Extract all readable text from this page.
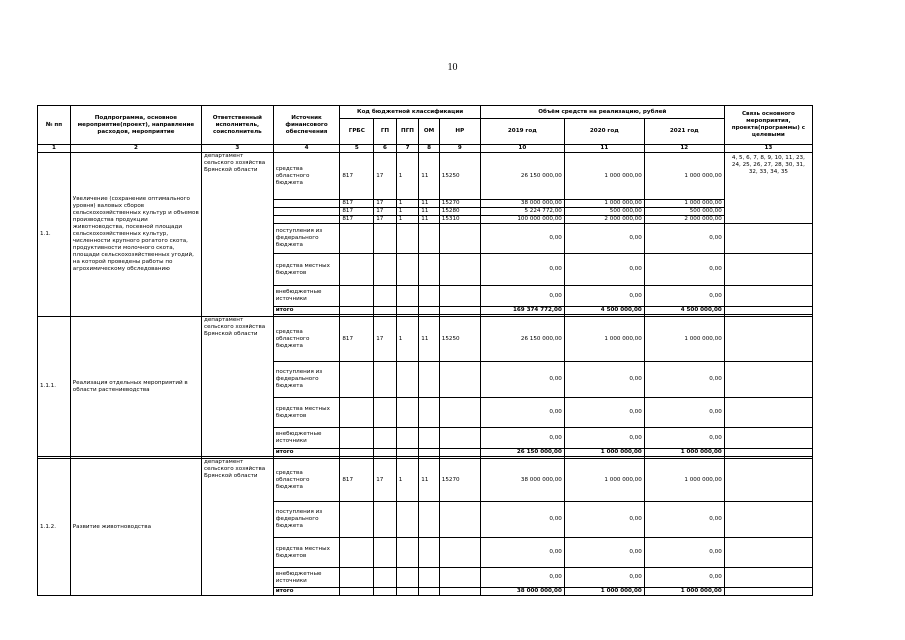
10
№ пп	Подпрограмма, основное мероприятие(проект), направление расходов, мероприятие	Ответственный исполнитель, соисполнитель	Источник финансового обеспечения	Код бюджетной классификации					Объём средств на реализацию, рублей			Связь основного мероприятия, проекта(программы) с целевыми
				ГРБС	ГП	ПГП	ОМ	НР	2019 год	2020 год	2021 год	
1	2	3	4	5	6	7	8	9	10	11	12	13
1.1.	Увеличение (сохранение оптимального уровня) валовых сборов сельскохозяйственных культур и объемов производства продукции животноводства, посевной площади сельскохозяйственных культур, численности крупного рогатого скота, продуктивности молочного скота, площади сельскохозяйственных угодий, на которой проведены работы по агрохимическому обследованию	департамент сельского хозяйства Брянской области	средства областного бюджета	817	17	1	11	15250	26 150 000,00	1 000 000,00	1 000 000,00	4, 5, 6, 7, 8, 9, 10, 11, 23, 24, 25, 26, 27, 28, 30, 31, 32, 33, 34, 35
				817	17	1	11	15270	38 000 000,00	1 000 000,00	1 000 000,00	
				817	17	1	11	15280	5 224 772,00	500 000,00	500 000,00	
				817	17	1	11	15310	100 000 000,00	2 000 000,00	2 000 000,00	
			поступления из федерального бюджета						0,00	0,00	0,00	
			средства местных бюджетов						0,00	0,00	0,00	
			внебюджетные источники						0,00	0,00	0,00	
			итого						169 374 772,00	4 500 000,00	4 500 000,00	

1.1.1.	Реализация отдельных мероприятий в области растениеводства	департамент сельского хозяйства Брянской области	средства областного бюджета	817	17	1	11	15250	26 150 000,00	1 000 000,00	1 000 000,00	
			поступления из федерального бюджета						0,00	0,00	0,00	
			средства местных бюджетов						0,00	0,00	0,00	
			внебюджетные источники						0,00	0,00	0,00	
			итого						26 150 000,00	1 000 000,00	1 000 000,00	

1.1.2.	Развитие животноводства	департамент сельского хозяйства Брянской области	средства областного бюджета	817	17	1	11	15270	38 000 000,00	1 000 000,00	1 000 000,00	
			поступления из федерального бюджета						0,00	0,00	0,00	
			средства местных бюджетов						0,00	0,00	0,00	
			внебюджетные источники						0,00	0,00	0,00	
			итого						38 000 000,00	1 000 000,00	1 000 000,00	
